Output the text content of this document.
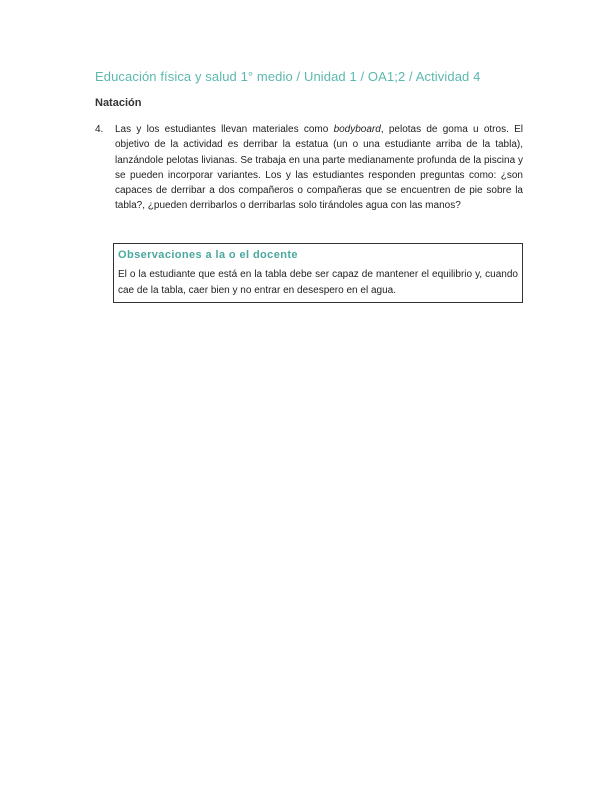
Educación física y salud 1° medio / Unidad 1 / OA1;2 / Actividad 4
Natación
4.	Las y los estudiantes llevan materiales como bodyboard, pelotas de goma u otros. El objetivo de la actividad es derribar la estatua (un o una estudiante arriba de la tabla), lanzándole pelotas livianas. Se trabaja en una parte medianamente profunda de la piscina y se pueden incorporar variantes. Los y las estudiantes responden preguntas como: ¿son capaces de derribar a dos compañeros o compañeras que se encuentren de pie sobre la tabla?, ¿pueden derribarlos o derribarlas solo tirándoles agua con las manos?
Observaciones a la o el docente
El o la estudiante que está en la tabla debe ser capaz de mantener el equilibrio y, cuando cae de la tabla, caer bien y no entrar en desespero en el agua.
